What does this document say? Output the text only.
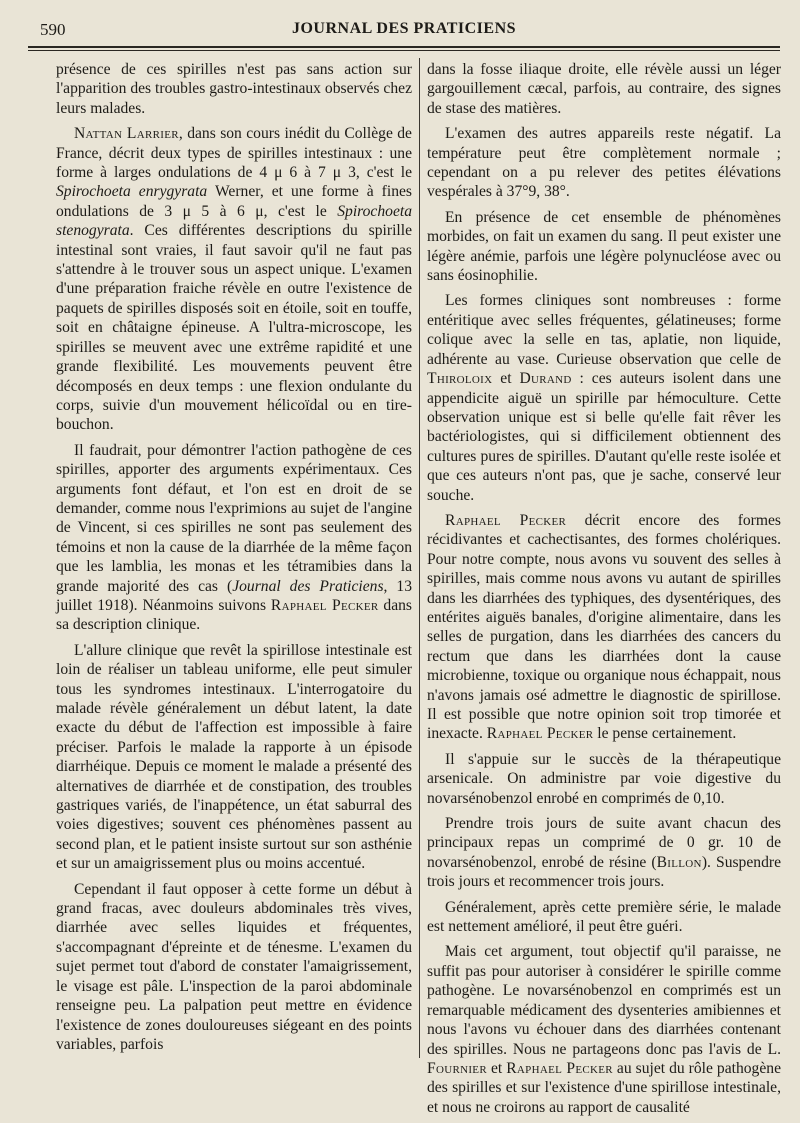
590	JOURNAL DES PRATICIENS

présence de ces spirilles n'est pas sans action sur l'apparition des troubles gastro-intestinaux observés chez leurs malades.

Nattan Larrier, dans son cours inédit du Collège de France, décrit deux types de spirilles intestinaux : une forme à larges ondulations de 4 μ 6 à 7 μ 3, c'est le Spirochoeta enrygyrata Werner, et une forme à fines ondulations de 3 μ 5 à 6 μ, c'est le Spirochoeta stenogyrata. Ces différentes descriptions du spirille intestinal sont vraies, il faut savoir qu'il ne faut pas s'attendre à le trouver sous un aspect unique. L'examen d'une préparation fraiche révèle en outre l'existence de paquets de spirilles disposés soit en étoile, soit en touffe, soit en châtaigne épineuse. A l'ultra-microscope, les spirilles se meuvent avec une extrême rapidité et une grande flexibilité. Les mouvements peuvent être décomposés en deux temps : une flexion ondulante du corps, suivie d'un mouvement hélicoïdal ou en tire-bouchon.

Il faudrait, pour démontrer l'action pathogène de ces spirilles, apporter des arguments expérimentaux. Ces arguments font défaut, et l'on est en droit de se demander, comme nous l'exprimions au sujet de l'angine de Vincent, si ces spirilles ne sont pas seulement des témoins et non la cause de la diarrhée de la même façon que les lamblia, les monas et les tétramibies dans la grande majorité des cas (Journal des Praticiens, 13 juillet 1918). Néanmoins suivons Raphael Pecker dans sa description clinique.

L'allure clinique que revêt la spirillose intestinale est loin de réaliser un tableau uniforme, elle peut simuler tous les syndromes intestinaux. L'interrogatoire du malade révèle généralement un début latent, la date exacte du début de l'affection est impossible à faire préciser. Parfois le malade la rapporte à un épisode diarrhéique. Depuis ce moment le malade a présenté des alternatives de diarrhée et de constipation, des troubles gastriques variés, de l'inappétence, un état saburral des voies digestives; souvent ces phénomènes passent au second plan, et le patient insiste surtout sur son asthénie et sur un amaigrissement plus ou moins accentué.

Cependant il faut opposer à cette forme un début à grand fracas, avec douleurs abdominales très vives, diarrhée avec selles liquides et fréquentes, s'accompagnant d'épreinte et de ténesme. L'examen du sujet permet tout d'abord de constater l'amaigrissement, le visage est pâle. L'inspection de la paroi abdominale renseigne peu. La palpation peut mettre en évidence l'existence de zones douloureuses siégeant en des points variables, parfois

dans la fosse iliaque droite, elle révèle aussi un léger gargouillement cæcal, parfois, au contraire, des signes de stase des matières.

L'examen des autres appareils reste négatif. La température peut être complètement normale ; cependant on a pu relever des petites élévations vespérales à 37°9, 38°.

En présence de cet ensemble de phénomènes morbides, on fait un examen du sang. Il peut exister une légère anémie, parfois une légère polynucléose avec ou sans éosinophilie.

Les formes cliniques sont nombreuses : forme entéritique avec selles fréquentes, gélatineuses; forme colique avec la selle en tas, aplatie, non liquide, adhérente au vase. Curieuse observation que celle de Thiroloix et Durand : ces auteurs isolent dans une appendicite aiguë un spirille par hémoculture. Cette observation unique est si belle qu'elle fait rêver les bactériologistes, qui si difficilement obtiennent des cultures pures de spirilles. D'autant qu'elle reste isolée et que ces auteurs n'ont pas, que je sache, conservé leur souche.

Raphael Pecker décrit encore des formes récidivantes et cachectisantes, des formes cholériques. Pour notre compte, nous avons vu souvent des selles à spirilles, mais comme nous avons vu autant de spirilles dans les diarrhées des typhiques, des dysentériques, des entérites aiguës banales, d'origine alimentaire, dans les selles de purgation, dans les diarrhées des cancers du rectum que dans les diarrhées dont la cause microbienne, toxique ou organique nous échappait, nous n'avons jamais osé admettre le diagnostic de spirillose. Il est possible que notre opinion soit trop timorée et inexacte. Raphael Pecker le pense certainement.

Il s'appuie sur le succès de la thérapeutique arsenicale. On administre par voie digestive du novarsénobenzol enrobé en comprimés de 0,10.

Prendre trois jours de suite avant chacun des principaux repas un comprimé de 0 gr. 10 de novarsénobenzol, enrobé de résine (Billon). Suspendre trois jours et recommencer trois jours.

Généralement, après cette première série, le malade est nettement amélioré, il peut être guéri.

Mais cet argument, tout objectif qu'il paraisse, ne suffit pas pour autoriser à considérer le spirille comme pathogène. Le novarsénobenzol en comprimés est un remarquable médicament des dysenteries amibiennes et nous l'avons vu échouer dans des diarrhées contenant des spirilles. Nous ne partageons donc pas l'avis de L. Fournier et Raphael Pecker au sujet du rôle pathogène des spirilles et sur l'existence d'une spirillose intestinale, et nous ne croirons au rapport de causalité
